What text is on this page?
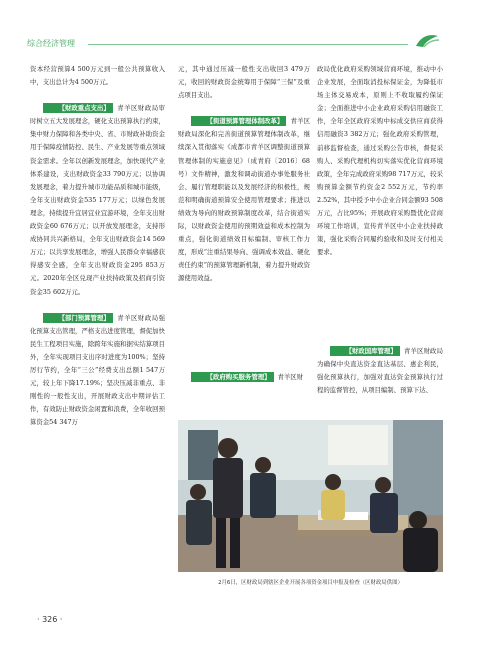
综合经济管理

资本经营预算4 500万元到一般公共预算收入中，支出总计为4 500万元。

【财政重点支出】 青羊区财政局审时树立五大发展理念，硬化支出预算执行约束，集中财力保障和各类中央、省、市财政补助资金用于保障疫情防控、民生、产业发展等重点领域资金需求。全年以创新发展理念，加快现代产业体系建设，支出财政资金33 790万元；以协调发展理念，着力提升城市功能品质和城市能级，全年支出财政资金535 177万元；以绿色发展理念，持续提升宜居宜业宜游环境，全年支出财政资金60 676万元；以开放发展理念，支持形成协同共兴新格局，全年支出财政资金14 569万元；以共享发展理念，增强人民群众幸福感获得感安全感，全年支出财政资金295 853万元。2020年全区兑现产业扶持政策及招商引资资金35 602万元。

【部门预算管理】 青羊区财政局强化预算支出管理，严格支出进度管理，督促加快民生工程项目实施，除跨年实施和据实结算项目外，全年实现项目支出序时进度为100%；坚持厉行节约，全年“三公”经费支出总额1 547万元，较上年下降17.19%；坚决压减非重点、非刚性的一般性支出，开展财政支出中期评估工作，有效防止财政资金闲置和浪费，全年收回预算资金54 347万

元，其中通过压减一般性支出收回3 479万元，收回的财政资金统筹用于保障“三保”及重点项目支出。

【街道预算管理体制改革】 青羊区财政局深化和完善街道预算管理体制改革，继续深入贯彻落实《成都市青羊区调整街道预算管理体制的实施意见》（成青府〔2016〕68号）文件精神，激发和调动街道办事处服务社会、履行管理职能以及发展经济的积极性，规范和明确街道预算安全使用管理要求；推进以绩效为导向的财政预算制度改革，结合街道实际，以财政资金使用的预期效益和成本控制为重点，强化街道绩效目标编制、审核工作力度，形成“注重结果导向、强调成本效益、硬化责任约束”的预算管理新机制，着力提升财政资源使用效益。

【政府购买服务管理】 青羊区财

政局优化政府采购领域营商环境，推动中小企业发展，全面取消投标保证金，为降低市场主体交易成本，原则上不收取履约保证金；全面推进中小企业政府采购信用融资工作，全年全区政府采购中标成交供应商获得信用融资3 382万元；强化政府采购管理，前移监督检查，通过采购公告审核，督促采购人、采购代理机构切实落实优化营商环境政策，全年完成政府采购98 717万元，较采购预算金额节约资金2 552万元，节约率2.52%，其中授予中小企业合同金额93 508万元，占比95%；开展政府采购暨优化营商环境工作培训，宣传青羊区中小企业扶持政策，强化采购合同履约验收和及时支付相关要求。

【财政国库管理】 青羊区财政局为确保中央直达资金直达基层、惠企利民，强化预算执行，加强对直达资金预算执行过程的监督管控，从项目编制、预算下达、

2月6日，区财政局到辖区企业开展各项资金项目申报及检查（区财政局供图）
· 326 ·
